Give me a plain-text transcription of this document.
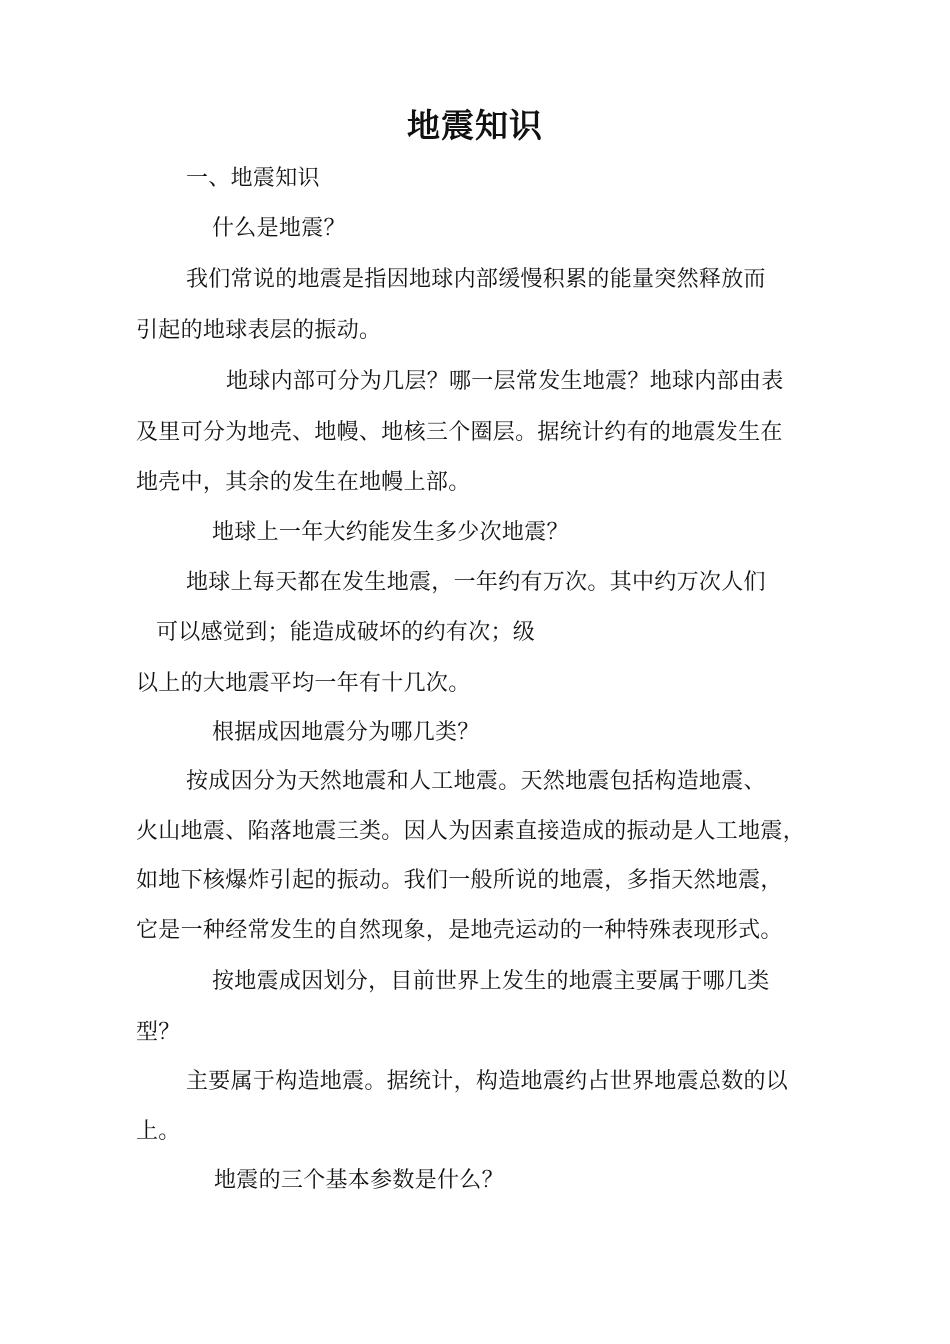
地震知识
一、地震知识
什么是地震？
我们常说的地震是指因地球内部缓慢积累的能量突然释放而
引起的地球表层的振动。
地球内部可分为几层？哪一层常发生地震？地球内部由表
及里可分为地壳、地幔、地核三个圈层。据统计约有的地震发生在
地壳中，其余的发生在地幔上部。
地球上一年大约能发生多少次地震？
地球上每天都在发生地震，一年约有万次。其中约万次人们
可以感觉到；能造成破坏的约有次；级
以上的大地震平均一年有十几次。
根据成因地震分为哪几类？
按成因分为天然地震和人工地震。天然地震包括构造地震、
火山地震、陷落地震三类。因人为因素直接造成的振动是人工地震，
如地下核爆炸引起的振动。我们一般所说的地震，多指天然地震，
它是一种经常发生的自然现象，是地壳运动的一种特殊表现形式。
按地震成因划分，目前世界上发生的地震主要属于哪几类
型？
主要属于构造地震。据统计，构造地震约占世界地震总数的以
上。
地震的三个基本参数是什么？
